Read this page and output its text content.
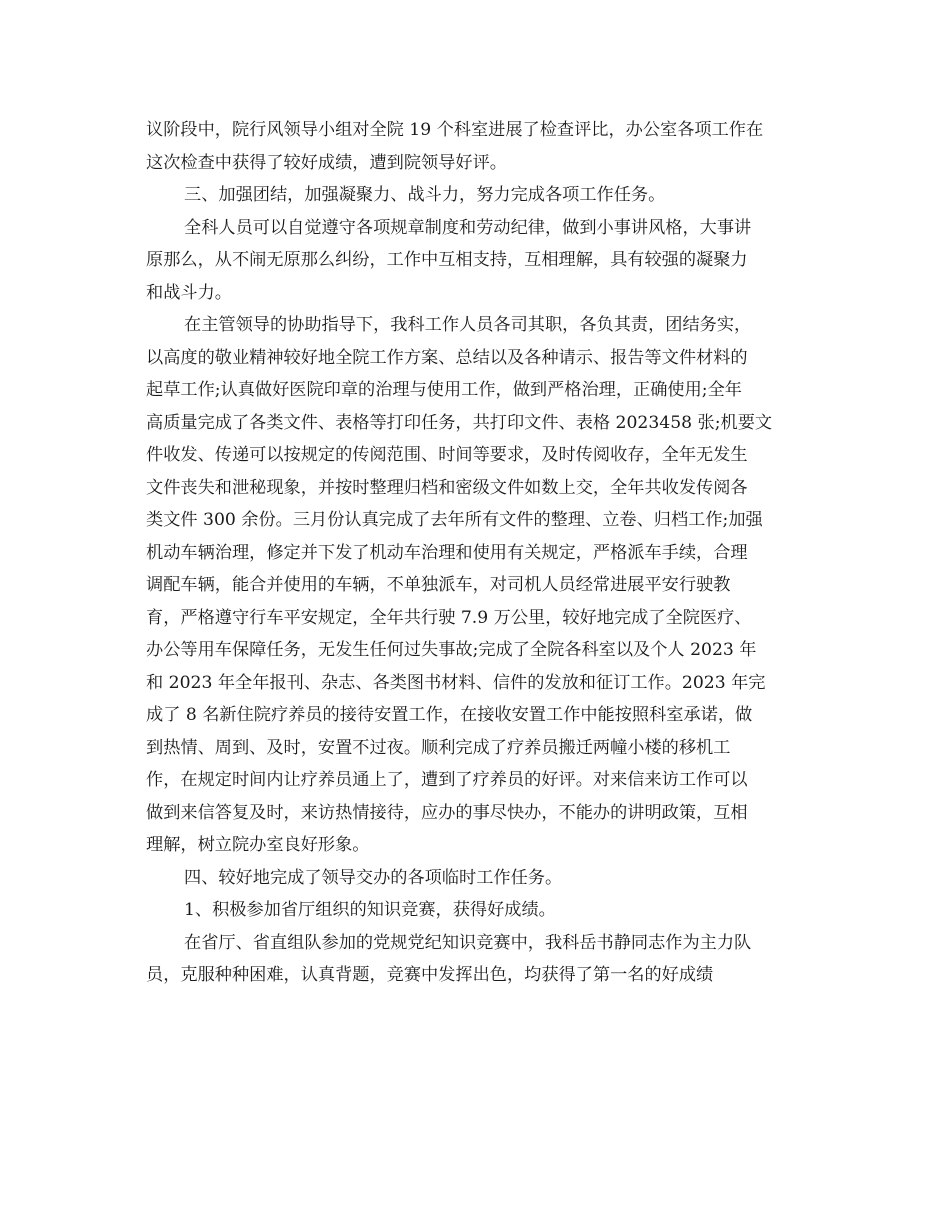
议阶段中，院行风领导小组对全院 19 个科室进展了检查评比，办公室各项工作在
这次检查中获得了较好成绩，遭到院领导好评。
三、加强团结，加强凝聚力、战斗力，努力完成各项工作任务。
全科人员可以自觉遵守各项规章制度和劳动纪律，做到小事讲风格，大事讲
原那么，从不闹无原那么纠纷，工作中互相支持，互相理解，具有较强的凝聚力
和战斗力。
在主管领导的协助指导下，我科工作人员各司其职，各负其责，团结务实，
以高度的敬业精神较好地全院工作方案、总结以及各种请示、报告等文件材料的
起草工作;认真做好医院印章的治理与使用工作，做到严格治理，正确使用;全年
高质量完成了各类文件、表格等打印任务，共打印文件、表格 2023458 张;机要文
件收发、传递可以按规定的传阅范围、时间等要求，及时传阅收存，全年无发生
文件丧失和泄秘现象，并按时整理归档和密级文件如数上交，全年共收发传阅各
类文件 300 余份。三月份认真完成了去年所有文件的整理、立卷、归档工作;加强
机动车辆治理，修定并下发了机动车治理和使用有关规定，严格派车手续，合理
调配车辆，能合并使用的车辆，不单独派车，对司机人员经常进展平安行驶教
育，严格遵守行车平安规定，全年共行驶 7.9 万公里，较好地完成了全院医疗、
办公等用车保障任务，无发生任何过失事故;完成了全院各科室以及个人 2023 年
和 2023 年全年报刊、杂志、各类图书材料、信件的发放和征订工作。2023 年完
成了 8 名新住院疗养员的接待安置工作，在接收安置工作中能按照科室承诺，做
到热情、周到、及时，安置不过夜。顺利完成了疗养员搬迁两幢小楼的移机工
作，在规定时间内让疗养员通上了，遭到了疗养员的好评。对来信来访工作可以
做到来信答复及时，来访热情接待，应办的事尽快办，不能办的讲明政策，互相
理解，树立院办室良好形象。
四、较好地完成了领导交办的各项临时工作任务。
1、积极参加省厅组织的知识竞赛，获得好成绩。
在省厅、省直组队参加的党规党纪知识竞赛中，我科岳书静同志作为主力队
员，克服种种困难，认真背题，竞赛中发挥出色，均获得了第一名的好成绩
